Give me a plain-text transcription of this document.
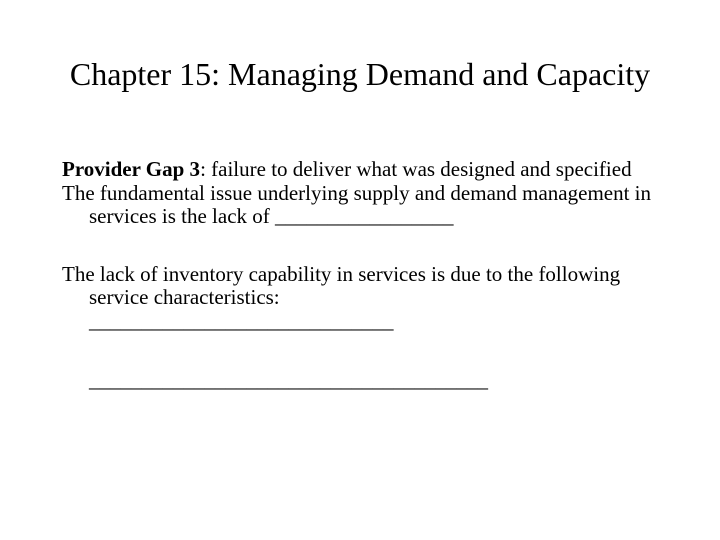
Chapter 15: Managing Demand and Capacity

Provider Gap 3: failure to deliver what was designed and specified

The fundamental issue underlying supply and demand management in services is the lack of _________________

The lack of inventory capability in services is due to the following service characteristics:

_____________________________

______________________________________
